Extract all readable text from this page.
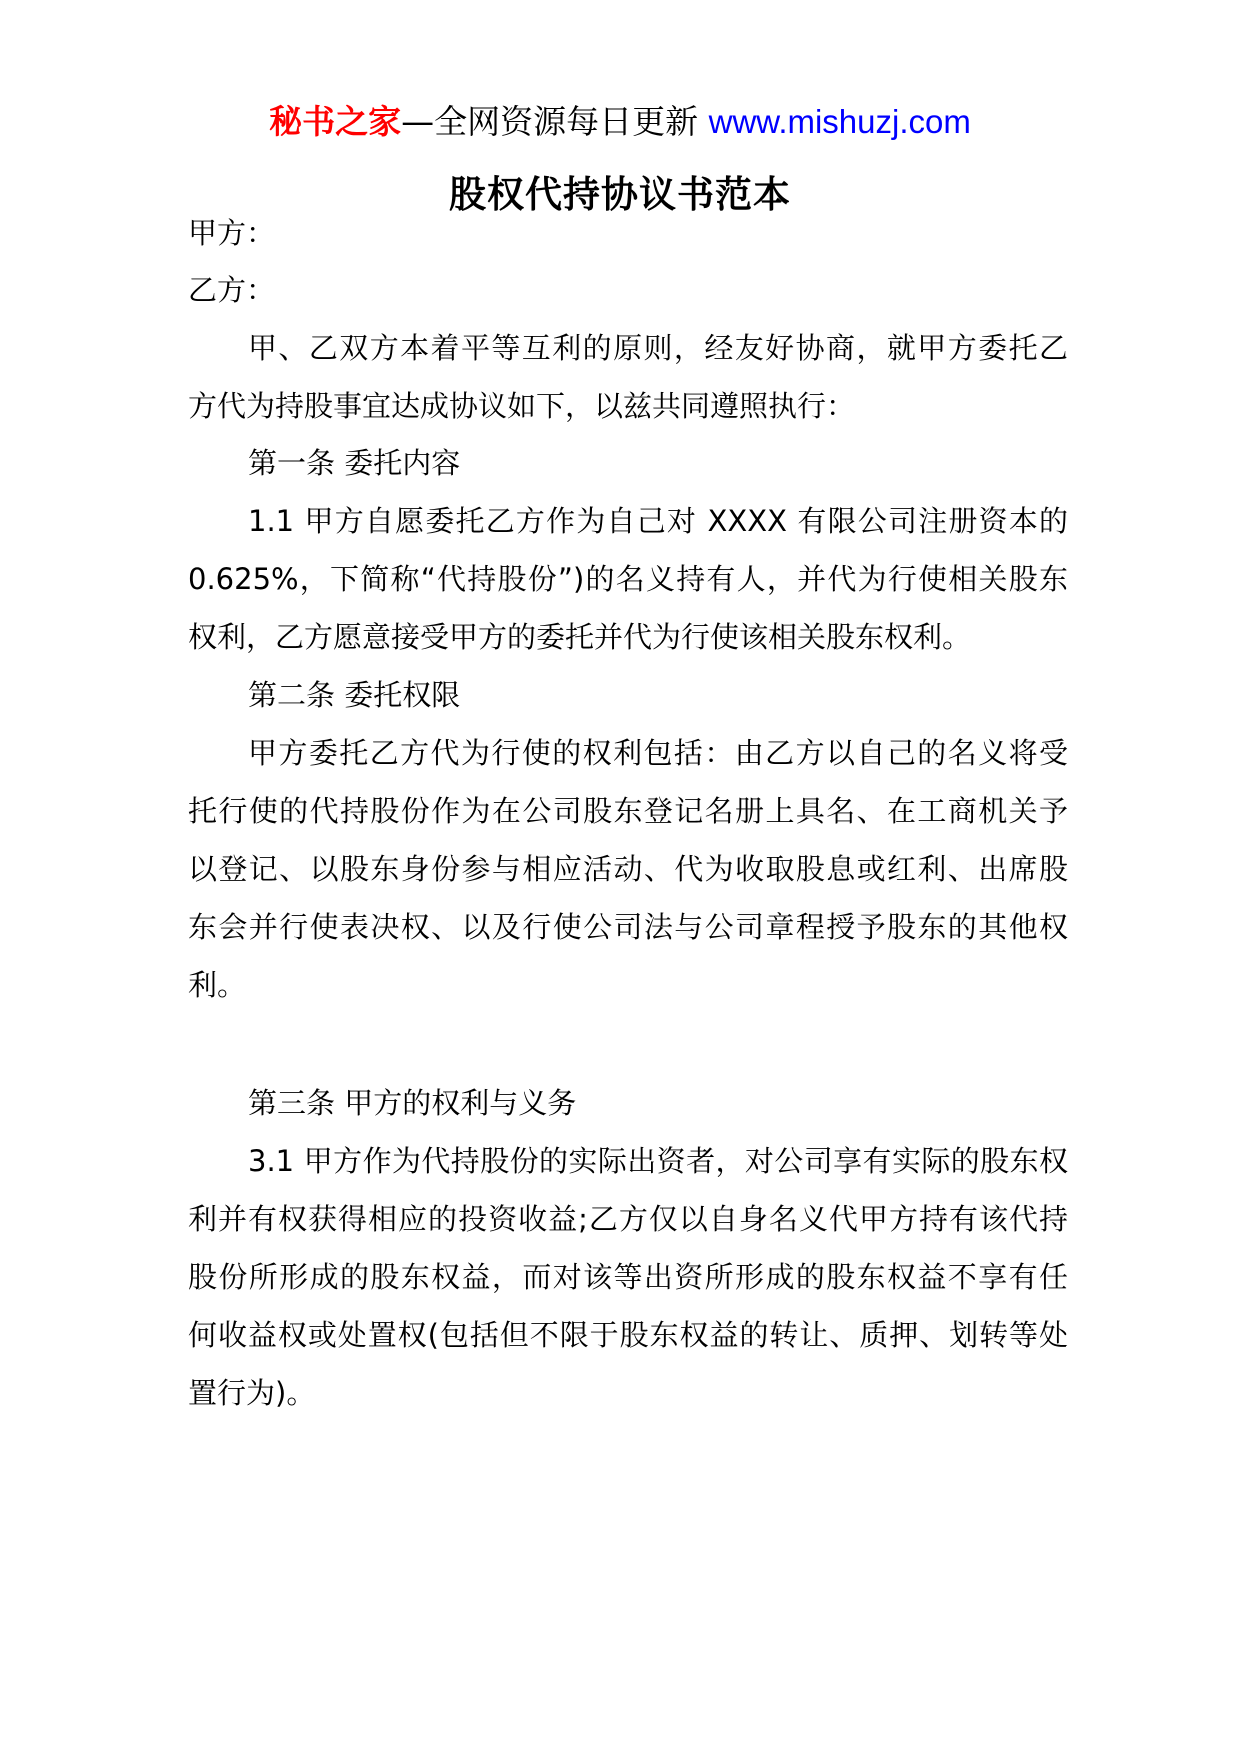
秘书之家—全网资源每日更新 www.mishuzj.com
股权代持协议书范本
甲方：
乙方：
甲、乙双方本着平等互利的原则，经友好协商，就甲方委托乙
方代为持股事宜达成协议如下，以兹共同遵照执行：
第一条 委托内容
1.1 甲方自愿委托乙方作为自己对 XXXX 有限公司注册资本的
0.625%，下简称“代持股份”)的名义持有人，并代为行使相关股东
权利，乙方愿意接受甲方的委托并代为行使该相关股东权利。
第二条 委托权限
甲方委托乙方代为行使的权利包括：由乙方以自己的名义将受
托行使的代持股份作为在公司股东登记名册上具名、在工商机关予
以登记、以股东身份参与相应活动、代为收取股息或红利、出席股
东会并行使表决权、以及行使公司法与公司章程授予股东的其他权
利。
第三条 甲方的权利与义务
3.1 甲方作为代持股份的实际出资者，对公司享有实际的股东权
利并有权获得相应的投资收益;乙方仅以自身名义代甲方持有该代持
股份所形成的股东权益，而对该等出资所形成的股东权益不享有任
何收益权或处置权(包括但不限于股东权益的转让、质押、划转等处
置行为)。
